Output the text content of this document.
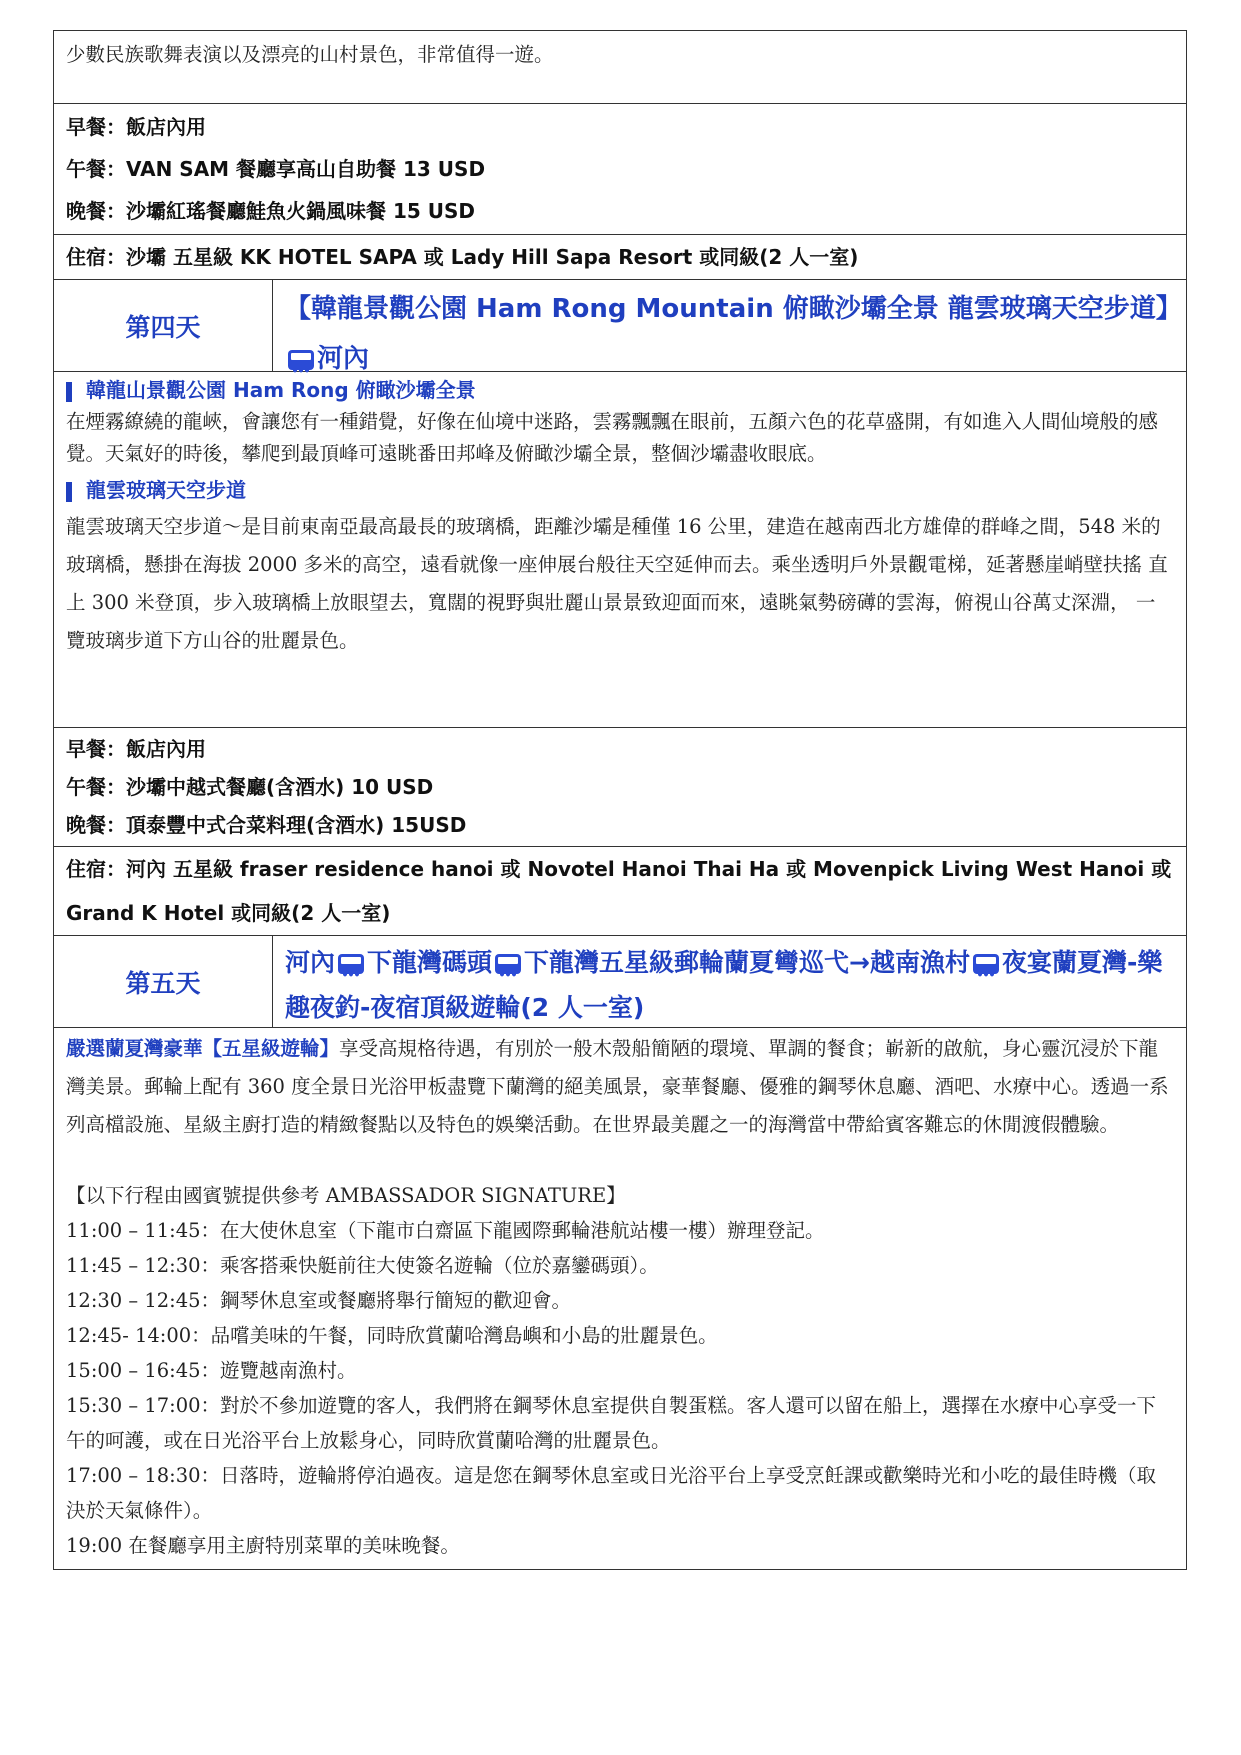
少數民族歌舞表演以及漂亮的山村景色，非常值得一遊。
早餐：飯店內用
午餐：VAN SAM 餐廳享高山自助餐 13 USD
晚餐：沙壩紅瑤餐廳鮭魚火鍋風味餐 15 USD
住宿：沙壩 五星級 KK HOTEL SAPA 或 Lady Hill Sapa Resort 或同級(2 人一室)
第四天
【韓龍景觀公園 Ham Rong Mountain 俯瞰沙壩全景 龍雲玻璃天空步道】河內
韓龍山景觀公園 Ham Rong 俯瞰沙壩全景
在煙霧繚繞的龍峽，會讓您有一種錯覺，好像在仙境中迷路，雲霧飄飄在眼前，五顏六色的花草盛開，有如進入人間仙境般的感覺。天氣好的時後，攀爬到最頂峰可遠眺番田邦峰及俯瞰沙壩全景，整個沙壩盡收眼底。
龍雲玻璃天空步道
龍雲玻璃天空步道～是目前東南亞最高最長的玻璃橋，距離沙壩是種僅 16 公里，建造在越南西北方雄偉的群峰之間，548 米的玻璃橋，懸掛在海拔 2000 多米的高空，遠看就像一座伸展台般往天空延伸而去。乘坐透明戶外景觀電梯，延著懸崖峭壁扶搖 直上 300 米登頂，步入玻璃橋上放眼望去，寬闊的視野與壯麗山景景致迎面而來，遠眺氣勢磅礡的雲海，俯視山谷萬丈深淵， 一覽玻璃步道下方山谷的壯麗景色。
早餐：飯店內用
午餐：沙壩中越式餐廳(含酒水) 10 USD
晚餐：頂泰豐中式合菜料理(含酒水) 15USD
住宿：河內 五星級 fraser residence hanoi 或 Novotel Hanoi Thai Ha 或 Movenpick Living West Hanoi 或 Grand K Hotel 或同級(2 人一室)
第五天
河內 下龍灣碼頭 下龍灣五星級郵輪蘭夏彎巡弋→越南漁村 夜宴蘭夏灣-樂趣夜釣-夜宿頂級遊輪(2 人一室)
嚴選蘭夏灣豪華【五星級遊輪】享受高規格待遇，有別於一般木殼船簡陋的環境、單調的餐食；嶄新的啟航，身心靈沉浸於下龍灣美景。郵輪上配有 360 度全景日光浴甲板盡覽下蘭灣的絕美風景，豪華餐廳、優雅的鋼琴休息廳、酒吧、水療中心。透過一系列高檔設施、星級主廚打造的精緻餐點以及特色的娛樂活動。在世界最美麗之一的海灣當中帶給賓客難忘的休閒渡假體驗。
【以下行程由國賓號提供參考 AMBASSADOR SIGNATURE】
11:00 – 11:45：在大使休息室（下龍市白齋區下龍國際郵輪港航站樓一樓）辦理登記。
11:45 – 12:30：乘客搭乘快艇前往大使簽名遊輪（位於嘉鑾碼頭）。
12:30 – 12:45：鋼琴休息室或餐廳將舉行簡短的歡迎會。
12:45- 14:00：品嚐美味的午餐，同時欣賞蘭哈灣島嶼和小島的壯麗景色。
15:00 – 16:45：遊覽越南漁村。
15:30 – 17:00：對於不參加遊覽的客人，我們將在鋼琴休息室提供自製蛋糕。客人還可以留在船上，選擇在水療中心享受一下午的呵護，或在日光浴平台上放鬆身心，同時欣賞蘭哈灣的壯麗景色。
17:00 – 18:30：日落時，遊輪將停泊過夜。這是您在鋼琴休息室或日光浴平台上享受烹飪課或歡樂時光和小吃的最佳時機（取決於天氣條件）。
19:00 在餐廳享用主廚特別菜單的美味晚餐。
